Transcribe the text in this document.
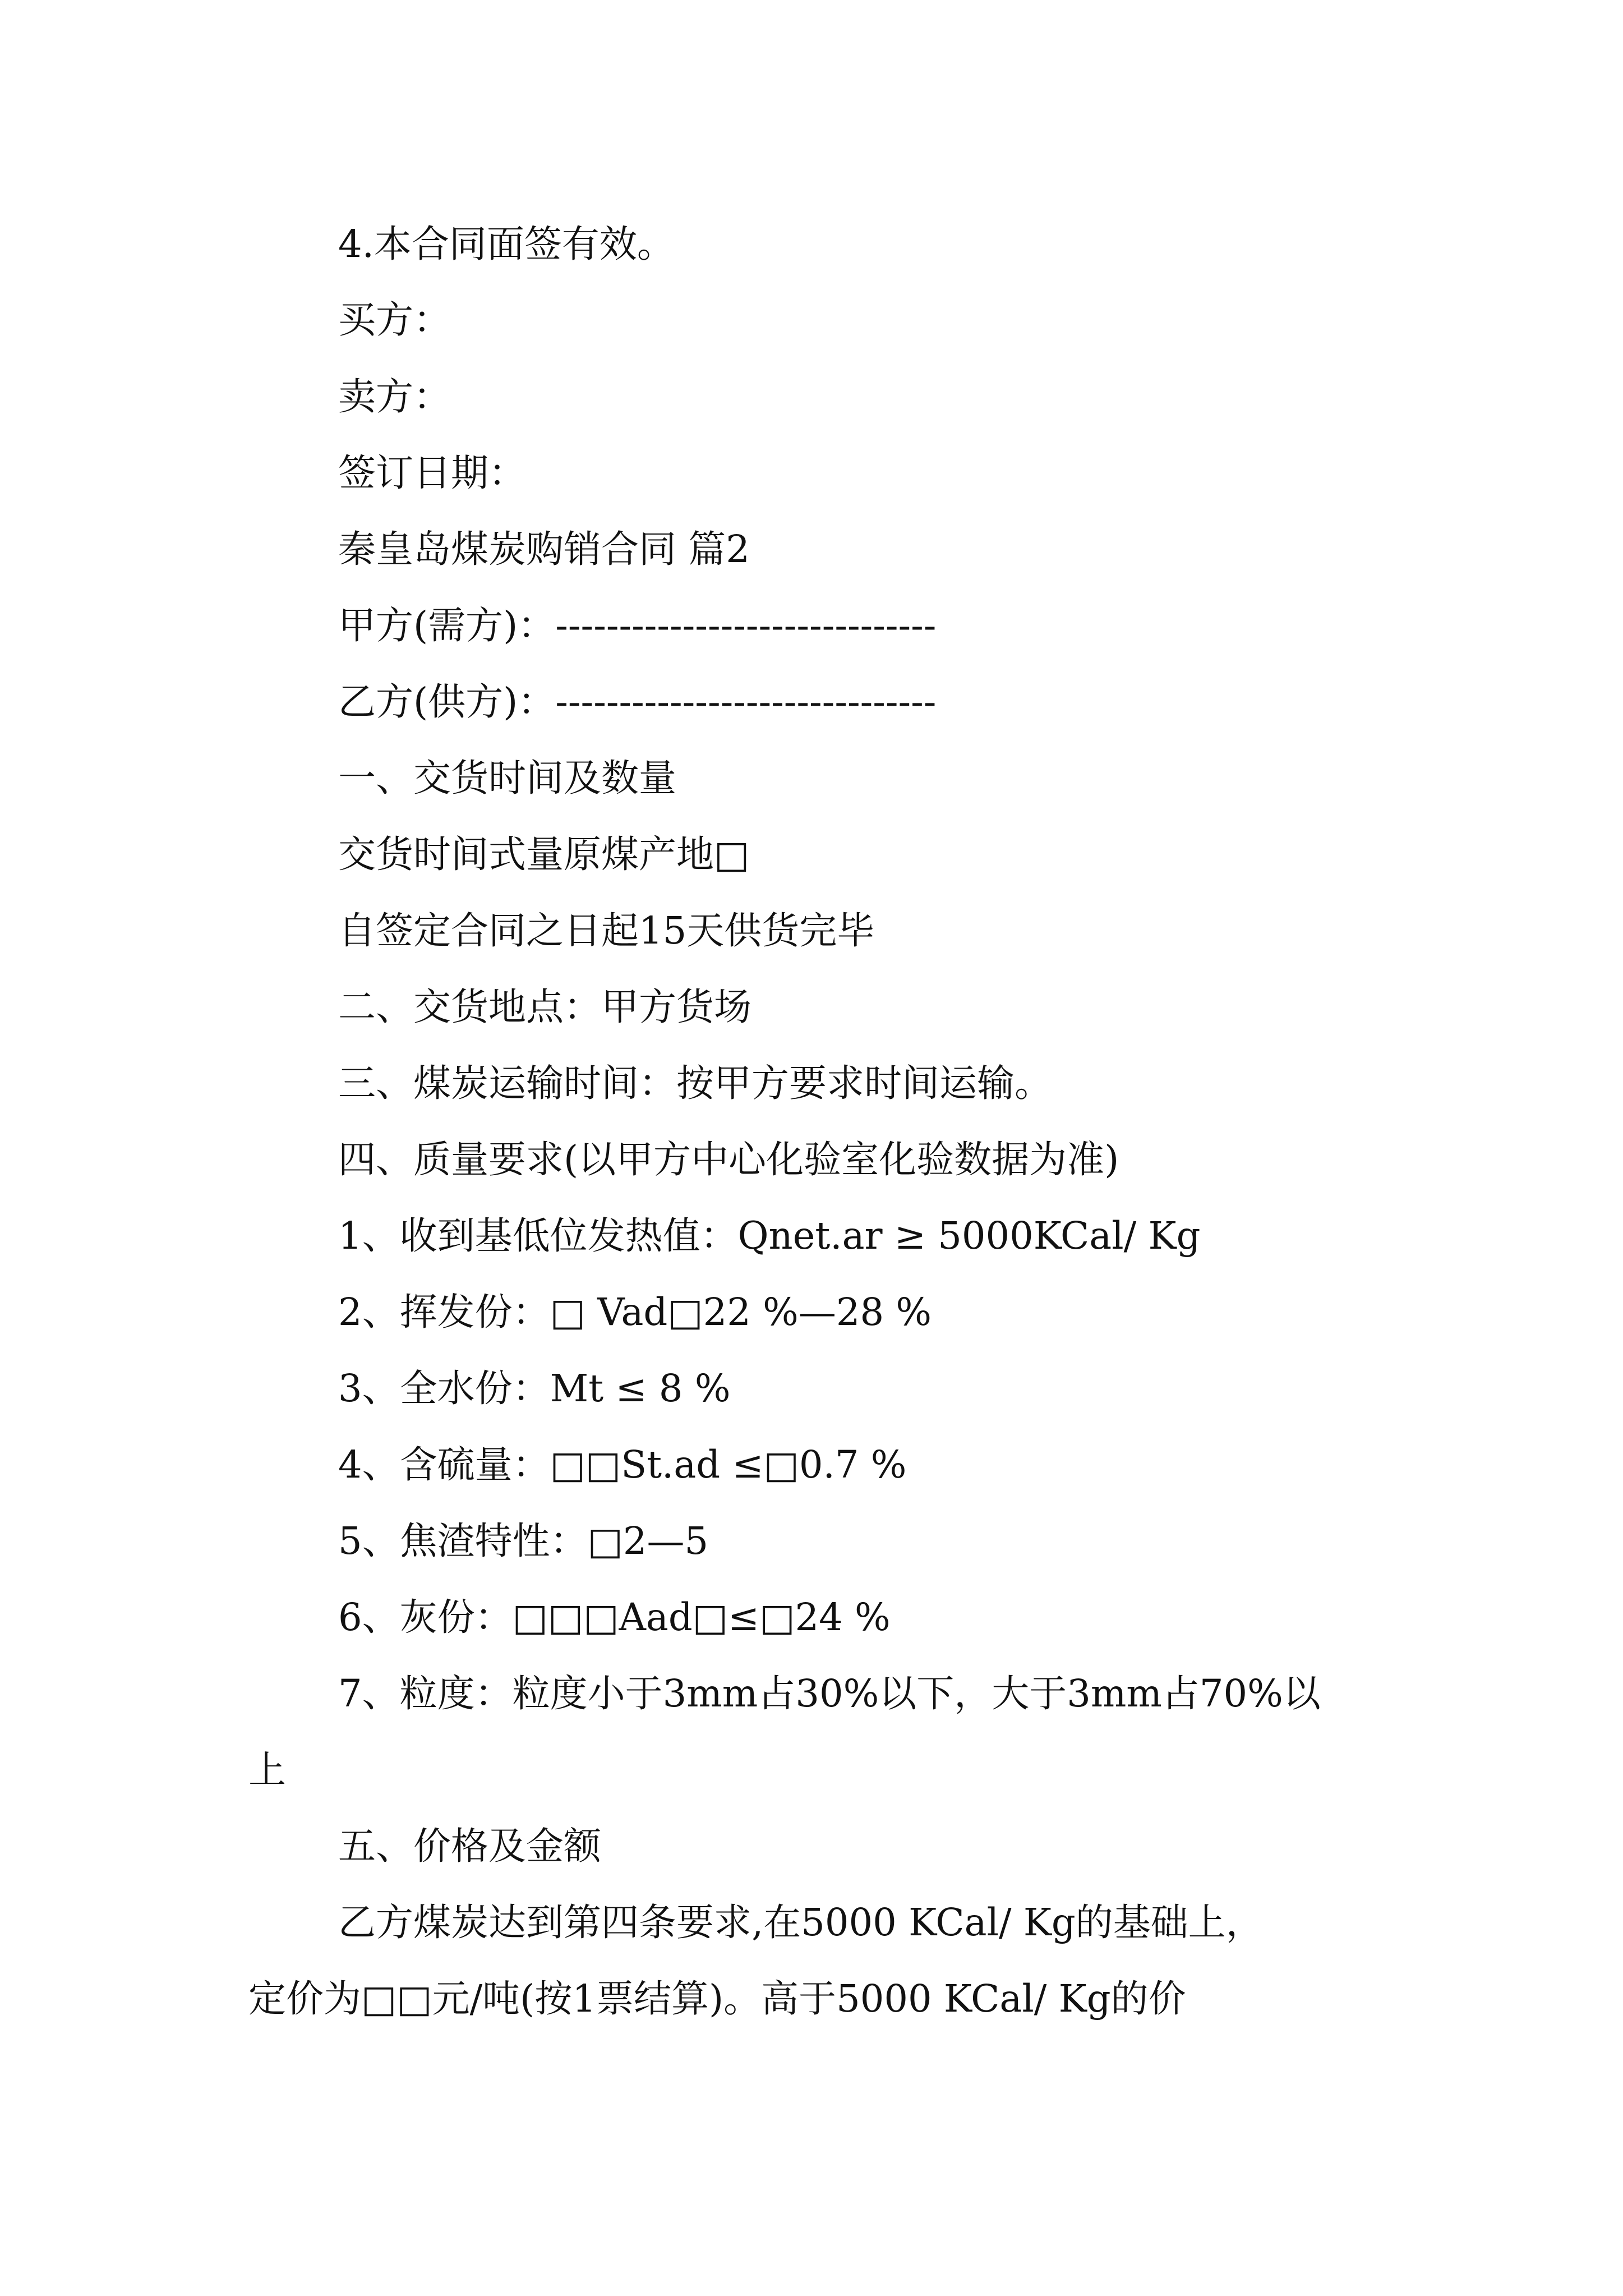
4.本合同面签有效。
买方：
卖方：
签订日期：
秦皇岛煤炭购销合同 篇2
甲方(需方)：------------------------------
乙方(供方)：------------------------------
一、交货时间及数量
交货时间式量原煤产地□
自签定合同之日起15天供货完毕
二、交货地点：甲方货场
三、煤炭运输时间：按甲方要求时间运输。
四、质量要求(以甲方中心化验室化验数据为准)
1、收到基低位发热值：Qnet.ar ≥ 5000KCal/ Kg
2、挥发份：□ Vad□22 %—28 %
3、全水份：Mt ≤ 8 %
4、含硫量：□□St.ad ≤□0.7 %
5、焦渣特性：□2—5
6、灰份：□□□Aad□≤□24 %
7、粒度：粒度小于3mm占30%以下，大于3mm占70%以
上
五、价格及金额
乙方煤炭达到第四条要求,在5000 KCal/ Kg的基础上，
定价为□□元/吨(按1票结算)。高于5000 KCal/ Kg的价
